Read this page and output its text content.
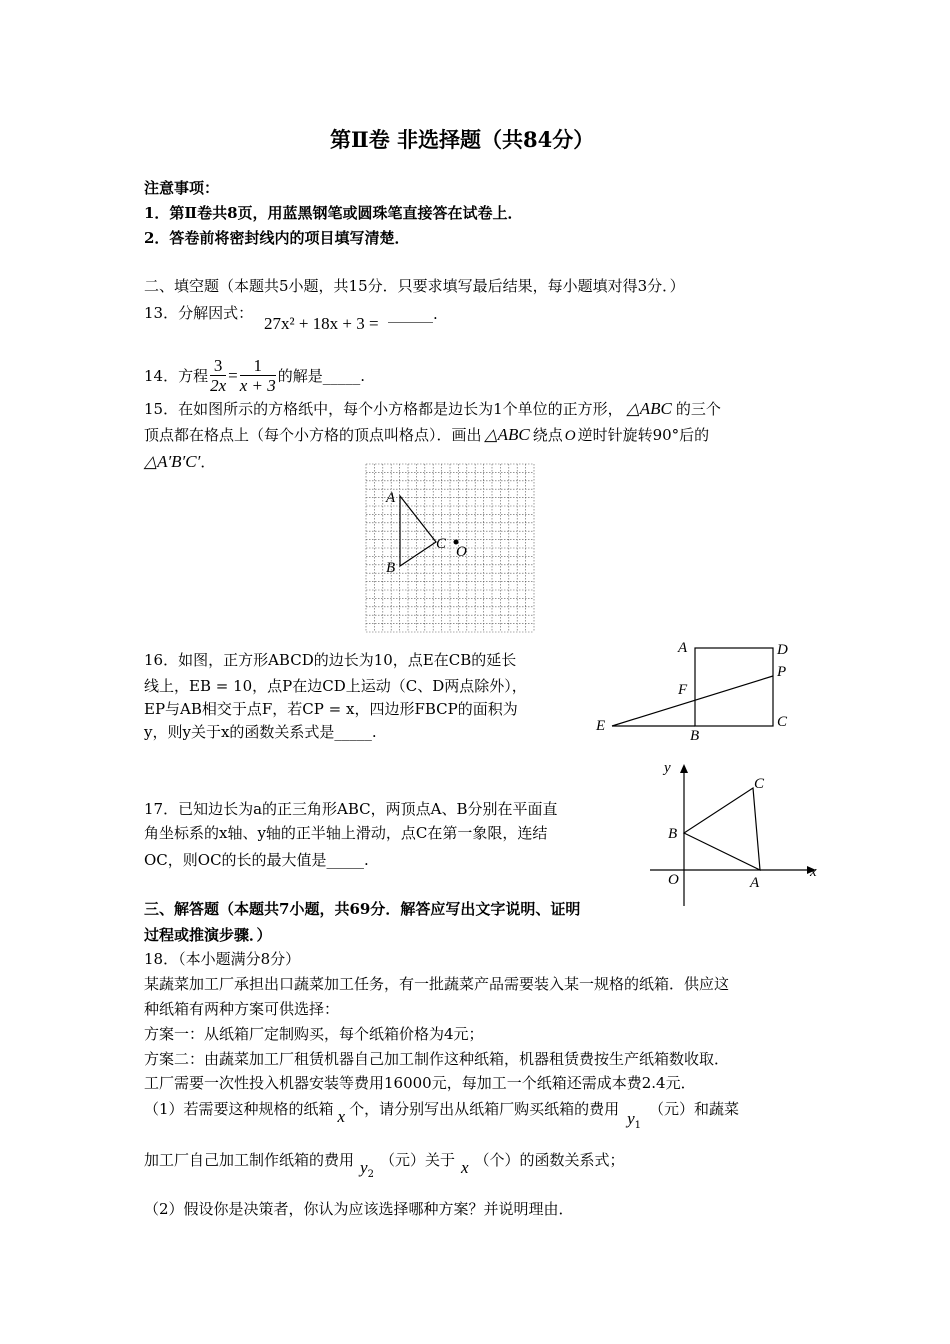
第Ⅱ卷 非选择题（共84分）
注意事项：
1．第Ⅱ卷共8页，用蓝黑钢笔或圆珠笔直接答在试卷上．
2．答卷前将密封线内的项目填写清楚．
二、填空题（本题共5小题，共15分．只要求填写最后结果，每小题填对得3分．）
13．分解因式：
27x² + 18x + 3 = ______.
14．方程 $\frac{3}{2x} = \frac{1}{x + 3}$ 的解是_____.
15．在如图所示的方格纸中，每个小方格都是边长为1个单位的正方形， △ABC 的三个
顶点都在格点上（每个小方格的顶点叫格点）．画出 △ABC 绕点 O 逆时针旋转90°后的
△A′B′C′．
A
B
C O
16．如图，正方形ABCD的边长为10，点E在CB的延长
线上，EB = 10，点P在边CD上运动（C、D两点除外），
EP与AB相交于点F，若CP = x，四边形FBCP的面积为
y，则y关于x的函数关系式是_____.
A	D
P
F
C
E
B
17．已知边长为a的正三角形ABC，两顶点A、B分别在平面直
角坐标系的x轴、y轴的正半轴上滑动，点C在第一象限，连结
OC，则OC的长的最大值是_____.
y
x
O	A
B
C
三、解答题（本题共7小题，共69分．解答应写出文字说明、证明
过程或推演步骤．）
18．（本小题满分8分）
某蔬菜加工厂承担出口蔬菜加工任务，有一批蔬菜产品需要装入某一规格的纸箱．供应这
种纸箱有两种方案可供选择：
方案一：从纸箱厂定制购买，每个纸箱价格为4元；
方案二：由蔬菜加工厂租赁机器自己加工制作这种纸箱，机器租赁费按生产纸箱数收取．
工厂需要一次性投入机器安装等费用16000元，每加工一个纸箱还需成本费2.4元．
（1）若需要这种规格的纸箱 x 个，请分别写出从纸箱厂购买纸箱的费用 $y_1$（元）和蔬菜
加工厂自己加工制作纸箱的费用 $y_2$（元）关于 x （个）的函数关系式；
（2）假设你是决策者，你认为应该选择哪种方案？并说明理由．
